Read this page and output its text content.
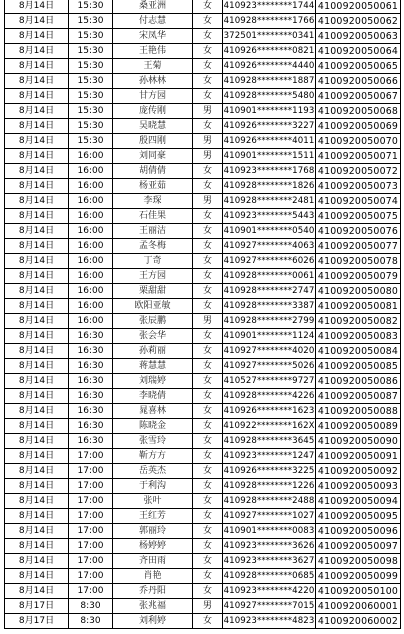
8月14日	15:30	桑亚洲	女	410923********1744	4100920050061
8月14日	15:30	付志慧	女	410928********1766	4100920050062
8月14日	15:30	宋凤华	女	372501********0341	4100920050063
8月14日	15:30	王艳伟	女	410926********0821	4100920050064
8月14日	15:30	王菊	女	410926********4440	4100920050065
8月14日	15:30	孙林林	女	410928********1887	4100920050066
8月14日	15:30	甘方园	女	410928********5480	4100920050067
8月14日	15:30	庞传刚	男	410901********1193	4100920050068
8月14日	15:30	吴晓慧	女	410926********3227	4100920050069
8月14日	15:30	殷四刚	男	410926********4011	4100920050070
8月14日	16:00	刘同豪	男	410901********1511	4100920050071
8月14日	16:00	胡倩倩	女	410923********1768	4100920050072
8月14日	16:00	杨亚茹	女	410928********1826	4100920050073
8月14日	16:00	李琛	男	410928********2481	4100920050074
8月14日	16:00	石佳果	女	410923********5443	4100920050075
8月14日	16:00	王丽洁	女	410901********0540	4100920050076
8月14日	16:00	孟冬梅	女	410927********4063	4100920050077
8月14日	16:00	丁奇	女	410927********6026	4100920050078
8月14日	16:00	王方园	女	410928********0061	4100920050079
8月14日	16:00	栗甜甜	女	410928********2747	4100920050080
8月14日	16:00	欧阳亚敏	女	410928********3387	4100920050081
8月14日	16:00	张辰鹏	男	410928********2799	4100920050082
8月14日	16:30	张会华	女	410901********1124	4100920050083
8月14日	16:30	孙莉丽	女	410927********4020	4100920050084
8月14日	16:30	蒋慧慧	女	410927********5026	4100920050085
8月14日	16:30	刘瑞婷	女	410527********9727	4100920050086
8月14日	16:30	李晓倩	女	410928********4226	4100920050087
8月14日	16:30	晁喜林	女	410926********1623	4100920050088
8月14日	16:30	陈晓金	女	410922********162X	4100920050089
8月14日	16:30	张雪玲	女	410928********3645	4100920050090
8月14日	17:00	靳方方	女	410923********1247	4100920050091
8月14日	17:00	岳英杰	女	410926********3225	4100920050092
8月14日	17:00	于利沟	女	410928********1226	4100920050093
8月14日	17:00	张叶	女	410928********2488	4100920050094
8月14日	17:00	王红芳	女	410927********1027	4100920050095
8月14日	17:00	郭丽玲	女	410901********0083	4100920050096
8月14日	17:00	杨婷婷	女	410923********3626	4100920050097
8月14日	17:00	齐田雨	女	410923********3627	4100920050098
8月14日	17:00	肖艳	女	410928********0685	4100920050099
8月14日	17:00	乔丹阳	女	410923********4220	4100920050100
8月17日	8:30	张兆福	男	410927********7015	4100920060001
8月17日	8:30	刘利婷	女	410923********4823	4100920060002
